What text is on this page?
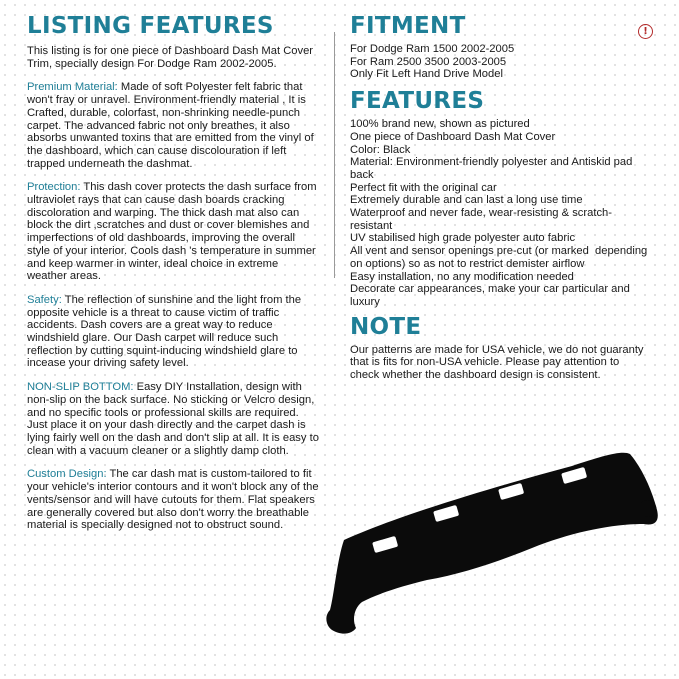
LISTING FEATURES

This listing is for one piece of Dashboard Dash Mat Cover Trim, specially design For Dodge Ram 2002-2005.

Premium Material: Made of soft Polyester felt fabric that won't fray or unravel. Environment-friendly material , It is Crafted, durable, colorfast, non-shrinking needle-punch carpet. The advanced fabric not only breathes, it also absorbs unwanted toxins that are emitted from the vinyl of the dashboard, which can cause discolouration if left trapped underneath the dashmat.

Protection: This dash cover protects the dash surface from ultraviolet rays that can cause dash boards cracking discoloration and warping. The thick dash mat also can block the dirt ,scratches and dust or cover blemishes and imperfections of old dashboards, improving the overall style of your interior. Cools dash 's temperature in summer and keep warmer in winter, ideal choice in extreme weather areas.

Safety: The reflection of sunshine and the light from the opposite vehicle is a threat to cause victim of traffic accidents. Dash covers are a great way to reduce windshield glare. Our Dash carpet will reduce such reflection by cutting squint-inducing windshield glare to incease your driving safety level.

NON-SLIP BOTTOM: Easy DIY Installation, design with non-slip on the back surface. No sticking or Velcro design, and no specific tools or professional skills are required. Just place it on your dash directly and the carpet dash is lying fairly well on the dash and don't slip at all. It is easy to clean with a vacuum cleaner or a slightly damp cloth.

Custom Design: The car dash mat is custom-tailored to fit your vehicle's interior contours and it won't block any of the vents/sensor and will have cutouts for them. Flat speakers are generally covered but also don't worry the breathable material is specially designed not to obstruct sound.

!
FITMENT
For Dodge Ram 1500 2002-2005
For Ram 2500 3500 2003-2005
Only Fit Left Hand Drive Model
FEATURES
100% brand new, shown as pictured
One piece of Dashboard Dash Mat Cover
Color: Black
Material: Environment-friendly polyester and Antiskid pad back
Perfect fit with the original car
Extremely durable and can last a long use time
Waterproof and never fade, wear-resisting & scratch-resistant
UV stabilised high grade polyester auto fabric
All vent and sensor openings pre-cut (or marked  depending on options) so as not to restrict demister airflow
Easy installation, no any modification needed
Decorate car appearances, make your car particular and luxury
NOTE

Our patterns are made for USA vehicle, we do not guaranty that is fits for non-USA vehicle. Please pay attention to check whether the dashboard design is consistent.
